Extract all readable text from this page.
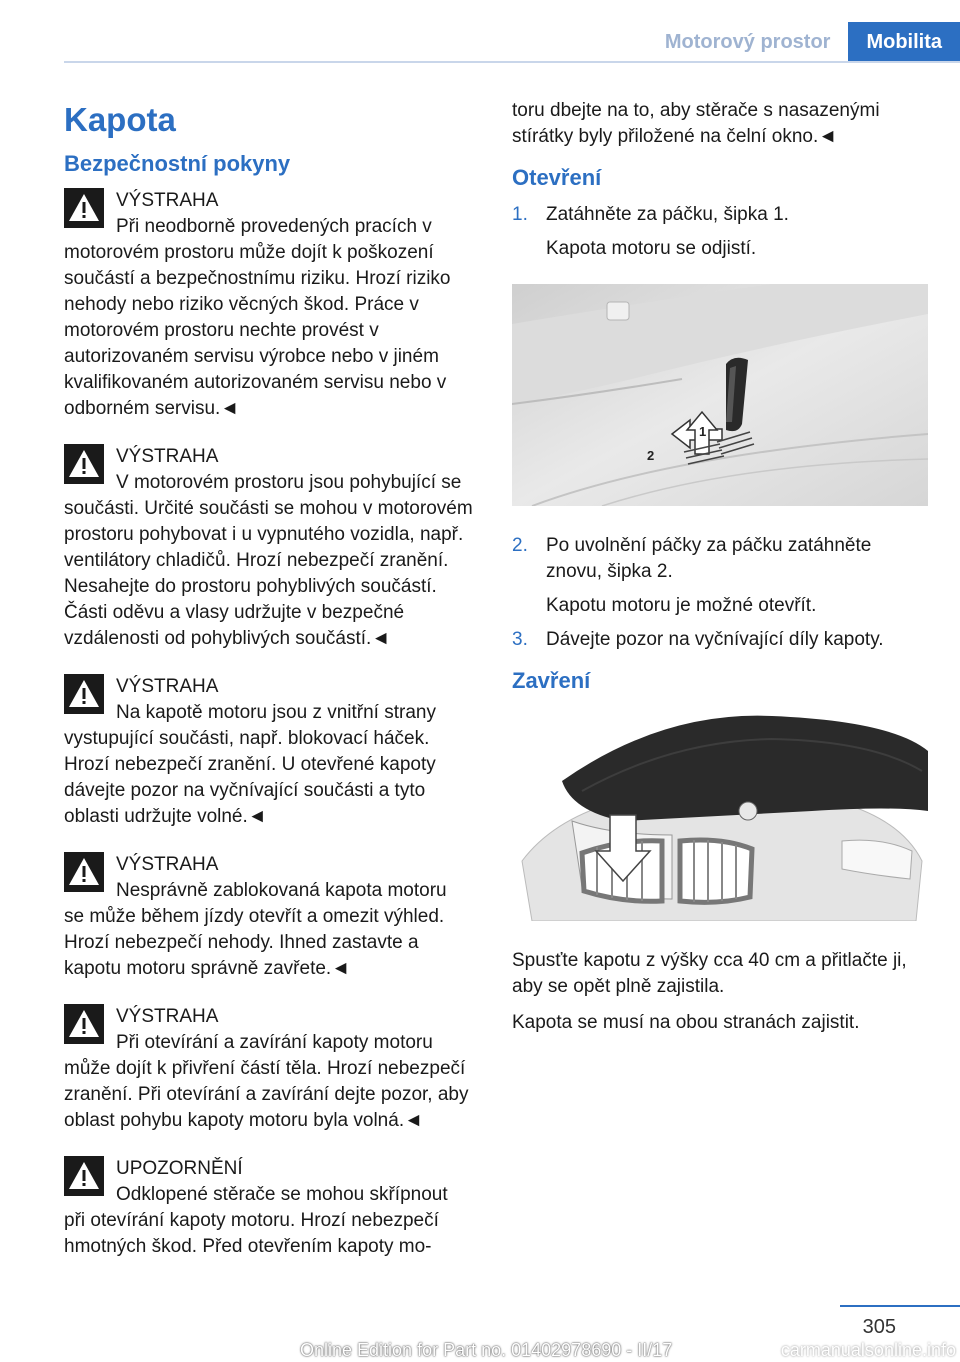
Motorový prostor	Mobilita
Kapota
Bezpečnostní pokyny
VÝSTRAHA
Při neodborně provedených pracích v
motorovém prostoru může dojít k poškození součástí a bezpečnostnímu riziku. Hrozí riziko nehody nebo riziko věcných škod. Práce v motorovém prostoru nechte provést v autorizovaném servisu výrobce nebo v jiném kvalifikovaném autorizovaném servisu nebo v odborném servisu.◄
VÝSTRAHA
V motorovém prostoru jsou pohybující se
součásti. Určité součásti se mohou v motorovém prostoru pohybovat i u vypnutého vozidla, např. ventilátory chladičů. Hrozí nebezpečí zranění. Nesahejte do prostoru pohyblivých součástí. Části oděvu a vlasy udržujte v bezpečné vzdálenosti od pohyblivých součástí.◄
VÝSTRAHA
Na kapotě motoru jsou z vnitřní strany
vystupující součásti, např. blokovací háček. Hrozí nebezpečí zranění. U otevřené kapoty dávejte pozor na vyčnívající součásti a tyto oblasti udržujte volné.◄
VÝSTRAHA
Nesprávně zablokovaná kapota motoru
se může během jízdy otevřít a omezit výhled. Hrozí nebezpečí nehody. Ihned zastavte a kapotu motoru správně zavřete.◄
VÝSTRAHA
Při otevírání a zavírání kapoty motoru
může dojít k přivření částí těla. Hrozí nebezpečí zranění. Při otevírání a zavírání dejte pozor, aby oblast pohybu kapoty motoru byla volná.◄
UPOZORNĚNÍ
Odklopené stěrače se mohou skřípnout
při otevírání kapoty motoru. Hrozí nebezpečí hmotných škod. Před otevřením kapoty mo-

toru dbejte na to, aby stěrače s nasazenými stírátky byly přiložené na čelní okno.◄

Otevření
1. Zatáhněte za páčku, šipka 1.
Kapota motoru se odjistí.
1
2
2. Po uvolnění páčky za páčku zatáhněte znovu, šipka 2.
Kapotu motoru je možné otevřít.
3. Dávejte pozor na vyčnívající díly kapoty.
Zavření

Spusťte kapotu z výšky cca 40 cm a přitlačte ji, aby se opět plně zajistila.

Kapota se musí na obou stranách zajistit.

305
Online Edition for Part no. 01402978690 - II/17	carmanualsonline.info
